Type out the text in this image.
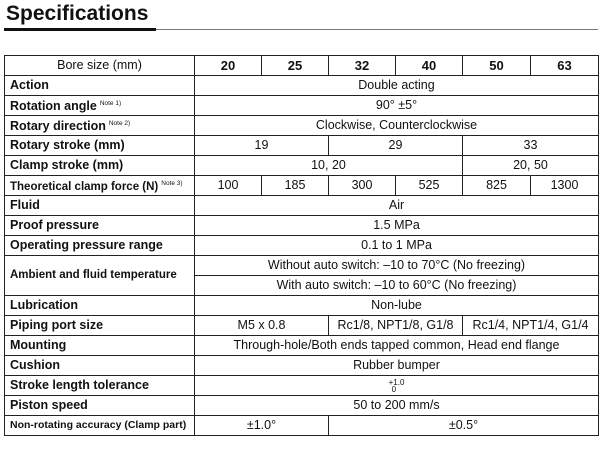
Specifications
Bore size (mm)	20	25	32	40	50	63
Action	Double acting					
Rotation angle $^{Note 1)}$	90° ±5°					
Rotary direction $^{Note 2)}$	Clockwise, Counterclockwise					
Rotary stroke (mm)	19		29		33	
Clamp stroke (mm)	10, 20				20, 50	
Theoretical clamp force (N) $^{Note 3)}$	100	185	300	525	825	1300
Fluid	Air					
Proof pressure	1.5 MPa					
Operating pressure range	0.1 to 1 MPa					
Ambient and fluid temperature	Without auto switch: –10 to 70°C (No freezing)					
	With auto switch: –10 to 60°C (No freezing)					
Lubrication	Non-lube					
Piping port size	M5 x 0.8		Rc1/8, NPT1/8, G1/8		Rc1/4, NPT1/4, G1/4	
Mounting	Through-hole/Both ends tapped common, Head end flange					
Cushion	Rubber bumper					
Stroke length tolerance	+1.0
0					

Piston speed	50 to 200 mm/s					
Non-rotating accuracy (Clamp part)	±1.0°		±0.5°			
